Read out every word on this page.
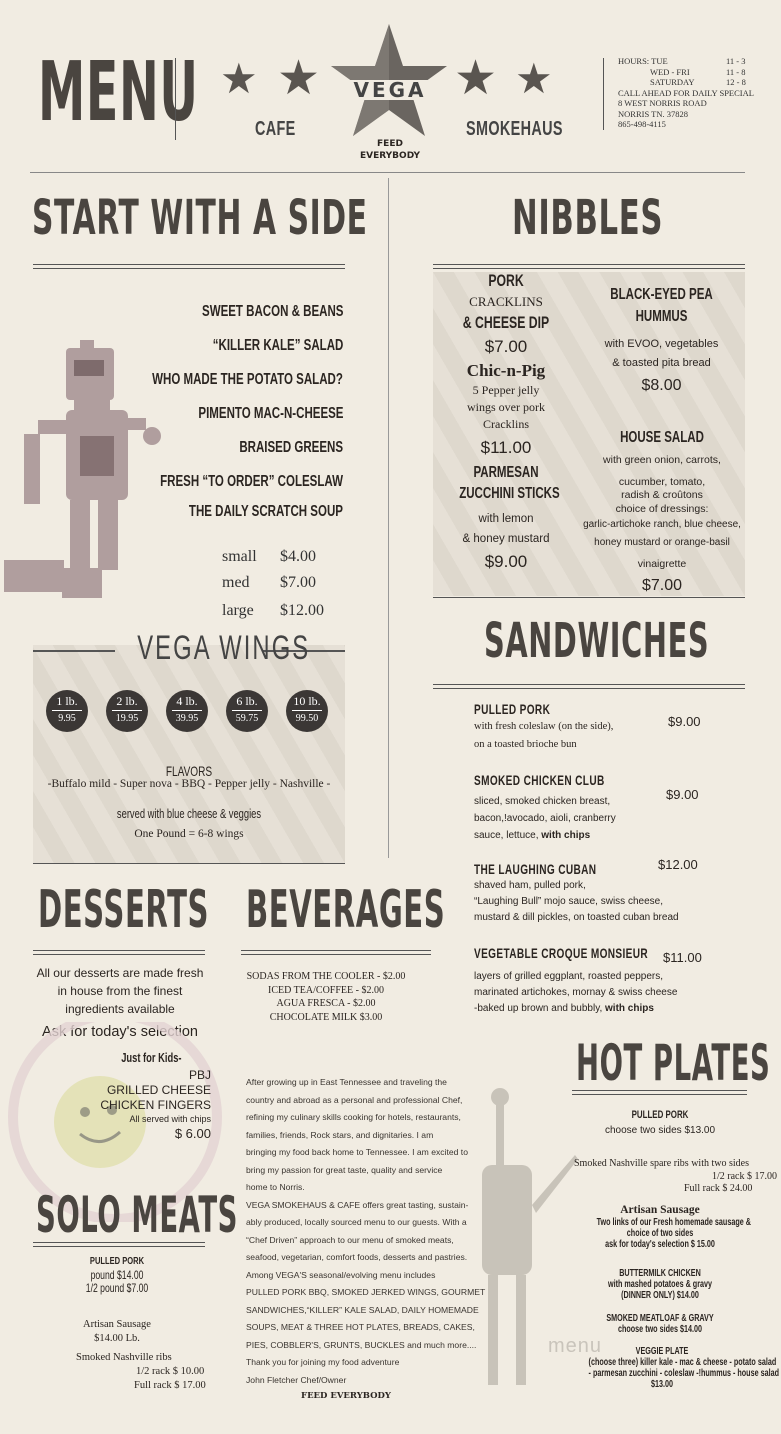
MENU ★ ★	★ ★
VEGA
FEED
EVERYBODY
CAFE	SMOKEHAUS
HOURS: TUE	11 - 3
WED - FRI	11 - 8
SATURDAY	12 - 8
CALL AHEAD FOR DAILY SPECIAL
8 WEST NORRIS ROAD
NORRIS TN. 37828
865-498-4115
START WITH A SIDE
SWEET BACON & BEANS
“KILLER KALE” SALAD
WHO MADE THE POTATO SALAD?
PIMENTO MAC-N-CHEESE
BRAISED GREENS
FRESH “TO ORDER” COLESLAW
THE DAILY SCRATCH SOUP
small $4.00
med $7.00
large $12.00
VEGA WINGS
1 lb.
9.95
2 lb.
19.95
4 lb.
39.95
6 lb.
59.75
10 lb.
99.50
FLAVORS
-Buffalo mild - Super nova - BBQ - Pepper jelly - Nashville -
served with blue cheese & veggies
One Pound = 6-8 wings
NIBBLES
PORK
CRACKLINS
& CHEESE DIP
$7.00
Chic-n-Pig
5 Pepper jelly
wings over pork
Cracklins
$11.00
PARMESAN
ZUCCHINI STICKS
with lemon
& honey mustard
$9.00
BLACK-EYED PEA
HUMMUS
with EVOO, vegetables
& toasted pita bread
$8.00
HOUSE SALAD
with green onion, carrots,
cucumber, tomato,
radish & croûtons
choice of dressings:
garlic-artichoke ranch, blue cheese,
honey mustard or orange-basil
vinaigrette
$7.00
SANDWICHES
PULLED PORK
with fresh coleslaw (on the side),
on a toasted brioche bun
$9.00
SMOKED CHICKEN CLUB
sliced, smoked chicken breast,
bacon,!avocado, aioli, cranberry
sauce, lettuce, with chips
$9.00
THE LAUGHING CUBAN
shaved ham, pulled pork,
“Laughing Bull” mojo sauce, swiss cheese,
mustard & dill pickles, on toasted cuban bread
$12.00
VEGETABLE CROQUE MONSIEUR
layers of grilled eggplant, roasted peppers,
marinated artichokes, mornay & swiss cheese
-baked up brown and bubbly, with chips
$11.00
DESSERTS
All our desserts are made fresh
in house from the finest
ingredients available
Ask for today's selection
Just for Kids-
PBJ
GRILLED CHEESE
CHICKEN FINGERS
All served with chips
$ 6.00
SOLO MEATS
PULLED PORK
pound $14.00
1/2 pound $7.00
Artisan Sausage
$14.00 Lb.
Smoked Nashville ribs
1/2 rack $ 10.00
Full rack $ 17.00
BEVERAGES
SODAS FROM THE COOLER - $2.00
ICED TEA/COFFEE - $2.00
AGUA FRESCA - $2.00
CHOCOLATE MILK $3.00
After growing up in East Tennessee and traveling the
country and abroad as a personal and professional Chef,
refining my culinary skills cooking for hotels, restaurants,
families, friends, Rock stars, and dignitaries. I am
bringing my food back home to Tennessee. I am excited to
bring my passion for great taste, quality and service
home to Norris.
VEGA SMOKEHAUS & CAFE offers great tasting, sustain-
ably produced, locally sourced menu to our guests. With a
“Chef Driven” approach to our menu of smoked meats,
seafood, vegetarian, comfort foods, desserts and pastries.
Among VEGA'S seasonal/evolving menu includes
PULLED PORK BBQ, SMOKED JERKED WINGS, GOURMET
SANDWICHES,“KILLER” KALE SALAD, DAILY HOMEMADE
SOUPS, MEAT & THREE HOT PLATES, BREADS, CAKES,
PIES, COBBLER'S, GRUNTS, BUCKLES and much more....
Thank you for joining my food adventure
John Fletcher Chef/Owner
FEED EVERYBODY
HOT PLATES
PULLED PORK
choose two sides $13.00
Smoked Nashville spare ribs with two sides
1/2 rack $ 17.00
Full rack $ 24.00
Artisan Sausage
Two links of our Fresh homemade sausage &
choice of two sides
ask for today's selection $ 15.00
BUTTERMILK CHICKEN
with mashed potatoes & gravy
(DINNER ONLY) $14.00
SMOKED MEATLOAF & GRAVY
choose two sides $14.00
menu	VEGGIE PLATE
(choose three) killer kale - mac & cheese - potato salad
- parmesan zucchini - coleslaw -!hummus - house salad
$13.00
